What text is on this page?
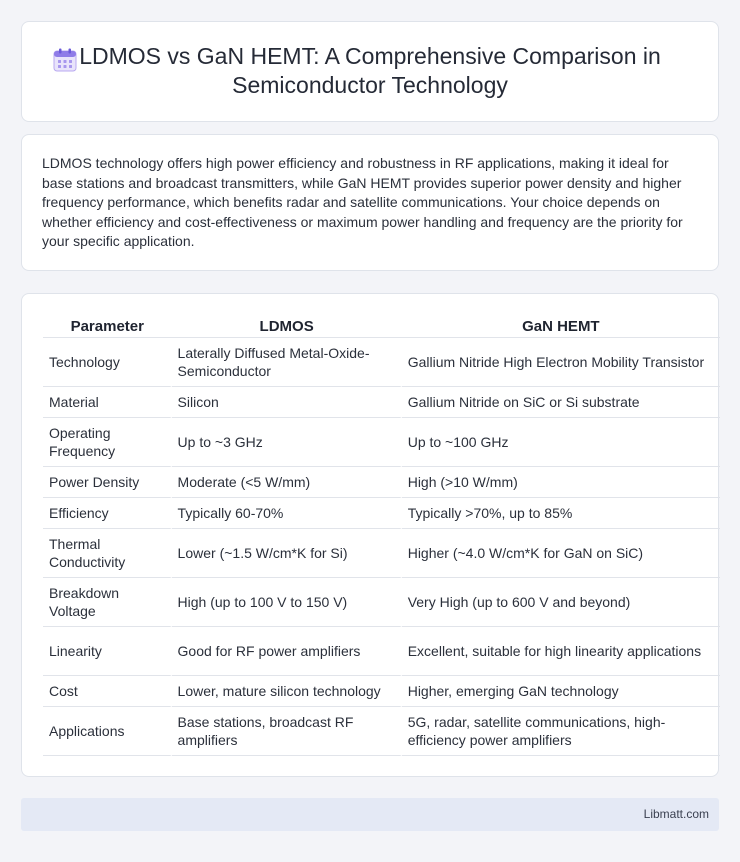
LDMOS vs GaN HEMT: A Comprehensive Comparison in Semiconductor Technology

LDMOS technology offers high power efficiency and robustness in RF applications, making it ideal for base stations and broadcast transmitters, while GaN HEMT provides superior power density and higher frequency performance, which benefits radar and satellite communications. Your choice depends on whether efficiency and cost-effectiveness or maximum power handling and frequency are the priority for your specific application.

Parameter	LDMOS	GaN HEMT
Technology	Laterally Diffused Metal-Oxide-Semiconductor	Gallium Nitride High Electron Mobility Transistor
Material	Silicon	Gallium Nitride on SiC or Si substrate
Operating Frequency	Up to ~3 GHz	Up to ~100 GHz
Power Density	Moderate (<5 W/mm)	High (>10 W/mm)
Efficiency	Typically 60-70%	Typically >70%, up to 85%
Thermal Conductivity	Lower (~1.5 W/cm*K for Si)	Higher (~4.0 W/cm*K for GaN on SiC)
Breakdown Voltage	High (up to 100 V to 150 V)	Very High (up to 600 V and beyond)
Linearity	Good for RF power amplifiers	Excellent, suitable for high linearity applications
Cost	Lower, mature silicon technology	Higher, emerging GaN technology
Applications	Base stations, broadcast RF amplifiers	5G, radar, satellite communications, high-efficiency power amplifiers
Libmatt.com
